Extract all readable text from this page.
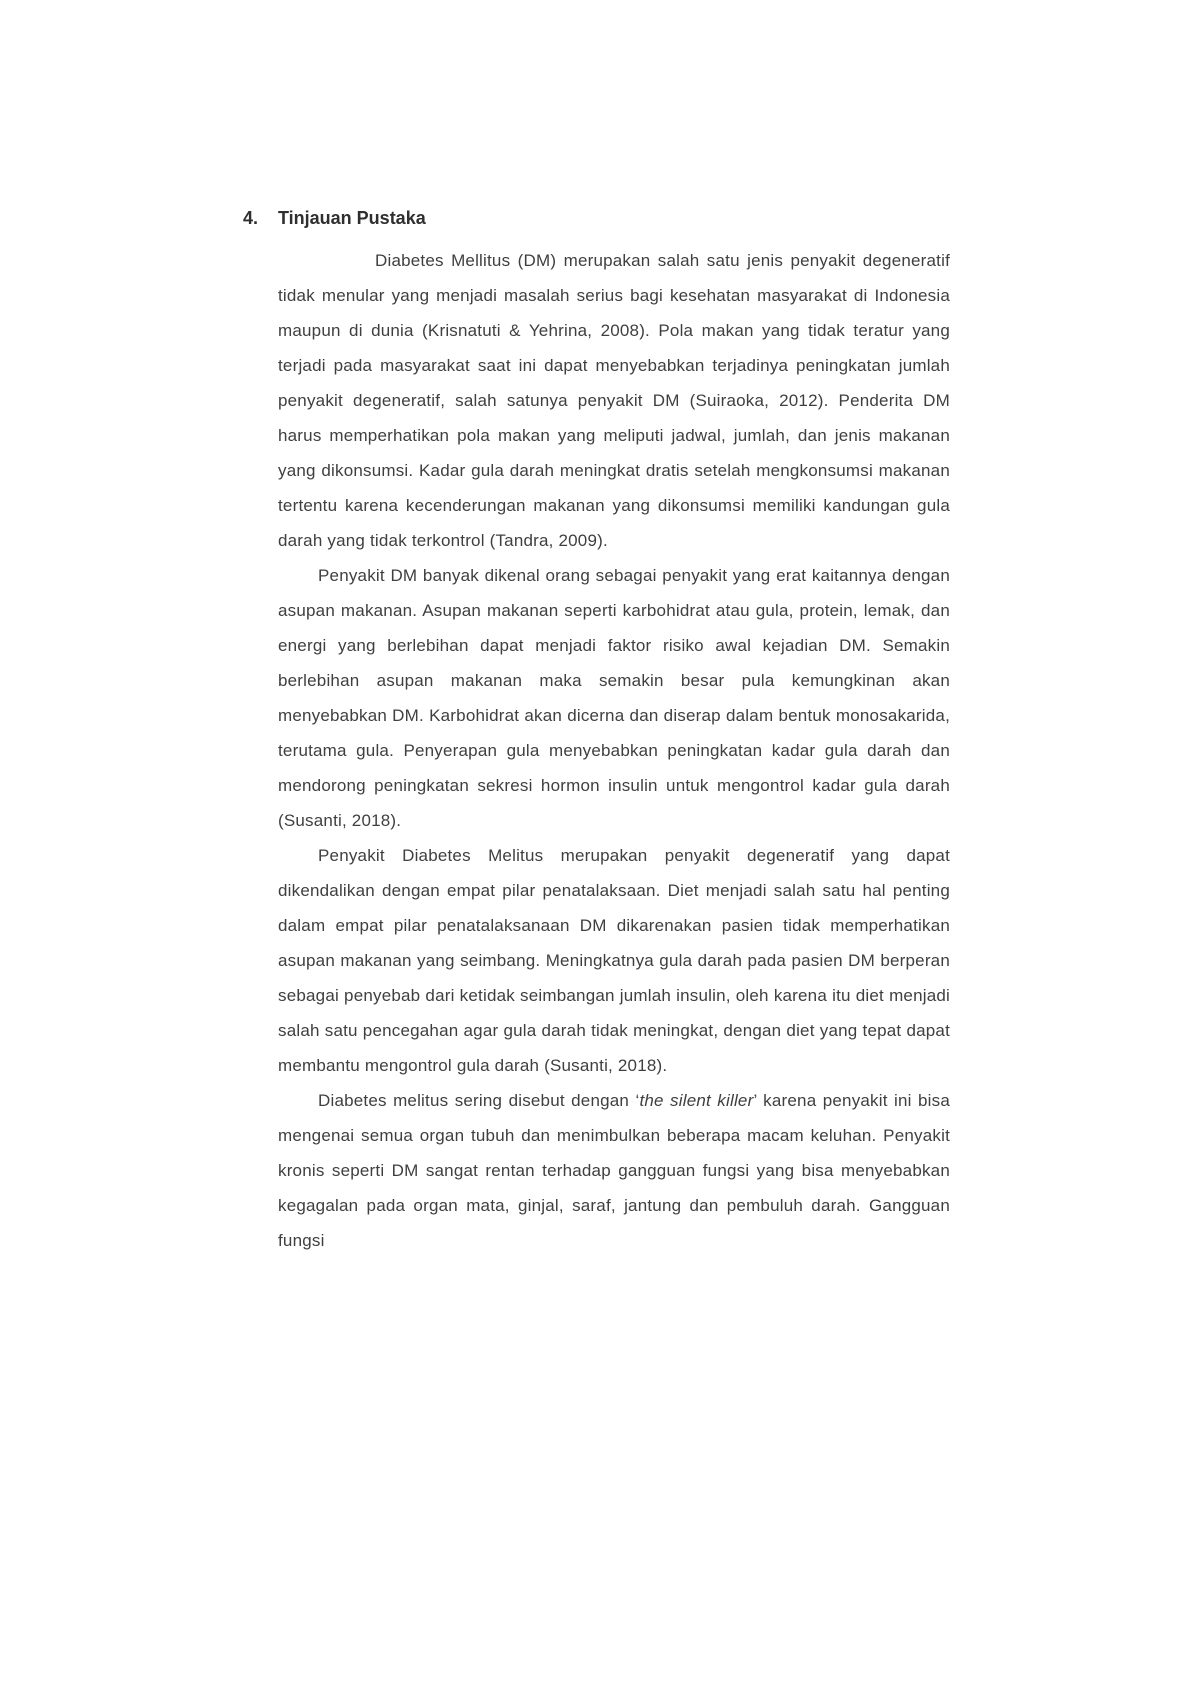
4.	Tinjauan Pustaka

Diabetes Mellitus (DM) merupakan salah satu jenis penyakit degeneratif tidak menular yang menjadi masalah serius bagi kesehatan masyarakat di Indonesia maupun di dunia (Krisnatuti & Yehrina, 2008). Pola makan yang tidak teratur yang terjadi pada masyarakat saat ini dapat menyebabkan terjadinya peningkatan jumlah penyakit degeneratif, salah satunya penyakit DM (Suiraoka, 2012). Penderita DM harus memperhatikan pola makan yang meliputi jadwal, jumlah, dan jenis makanan yang dikonsumsi. Kadar gula darah meningkat dratis setelah mengkonsumsi makanan tertentu karena kecenderungan makanan yang dikonsumsi memiliki kandungan gula darah yang tidak terkontrol (Tandra, 2009).

Penyakit DM banyak dikenal orang sebagai penyakit yang erat kaitannya dengan asupan makanan. Asupan makanan seperti karbohidrat atau gula, protein, lemak, dan energi yang berlebihan dapat menjadi faktor risiko awal kejadian DM. Semakin berlebihan asupan makanan maka semakin besar pula kemungkinan akan menyebabkan DM. Karbohidrat akan dicerna dan diserap dalam bentuk monosakarida, terutama gula. Penyerapan gula menyebabkan peningkatan kadar gula darah dan mendorong peningkatan sekresi hormon insulin untuk mengontrol kadar gula darah (Susanti, 2018).

Penyakit Diabetes Melitus merupakan penyakit degeneratif yang dapat dikendalikan dengan empat pilar penatalaksaan. Diet menjadi salah satu hal penting dalam empat pilar penatalaksanaan DM dikarenakan pasien tidak memperhatikan asupan makanan yang seimbang. Meningkatnya gula darah pada pasien DM berperan sebagai penyebab dari ketidak seimbangan jumlah insulin, oleh karena itu diet menjadi salah satu pencegahan agar gula darah tidak meningkat, dengan diet yang tepat dapat membantu mengontrol gula darah (Susanti, 2018).

Diabetes melitus sering disebut dengan ‘the silent killer’ karena penyakit ini bisa mengenai semua organ tubuh dan menimbulkan beberapa macam keluhan. Penyakit kronis seperti DM sangat rentan terhadap gangguan fungsi yang bisa menyebabkan kegagalan pada organ mata, ginjal, saraf, jantung dan pembuluh darah. Gangguan fungsi
